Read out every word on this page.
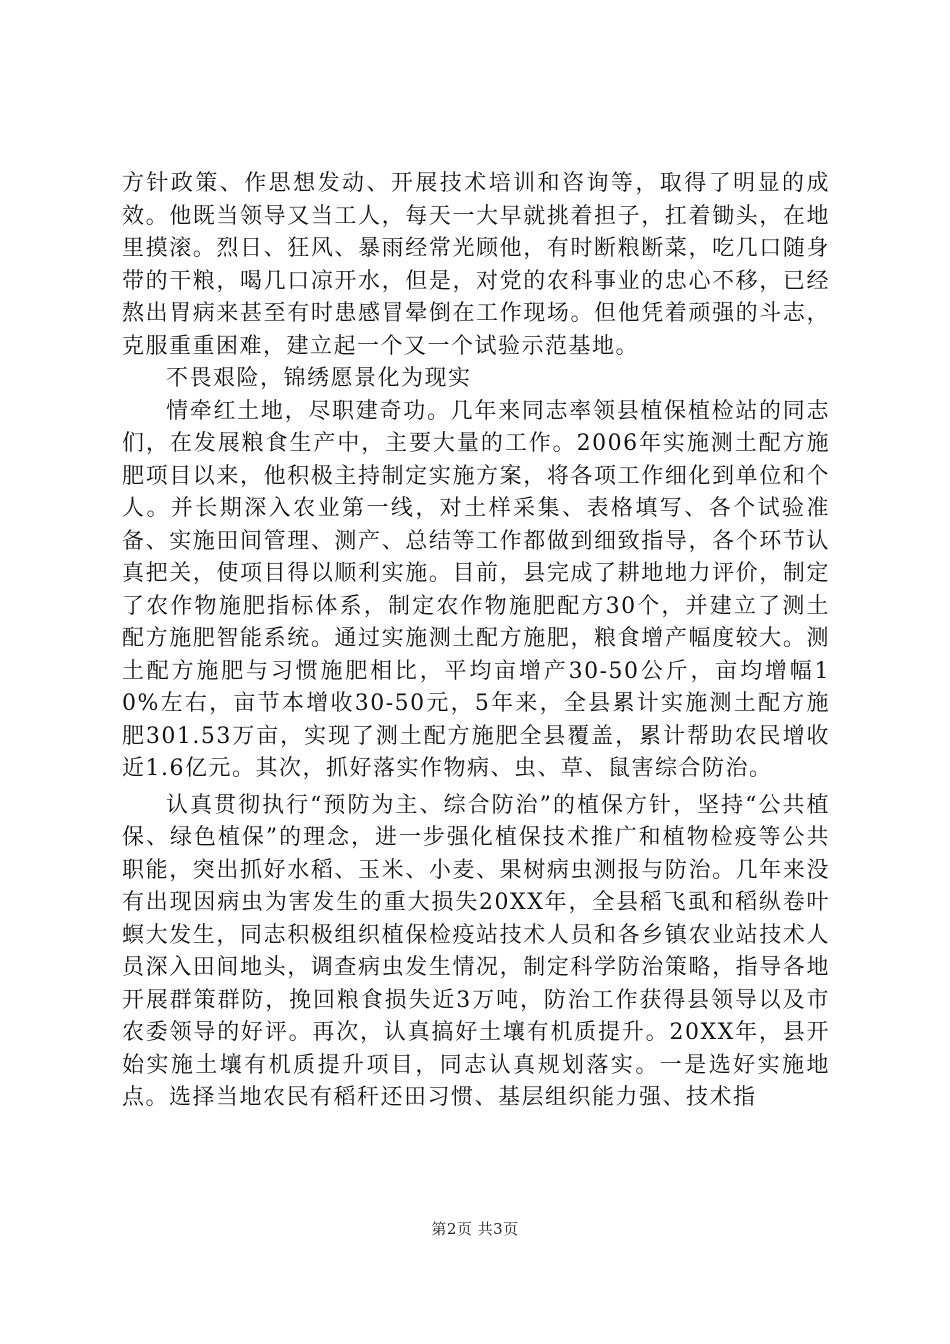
方针政策、作思想发动、开展技术培训和咨询等，取得了明显的成效。他既当领导又当工人，每天一大早就挑着担子，扛着锄头，在地里摸滚。烈日、狂风、暴雨经常光顾他，有时断粮断菜，吃几口随身带的干粮，喝几口凉开水，但是，对党的农科事业的忠心不移，已经熬出胃病来甚至有时患感冒晕倒在工作现场。但他凭着顽强的斗志，克服重重困难，建立起一个又一个试验示范基地。

不畏艰险，锦绣愿景化为现实

情牵红土地，尽职建奇功。几年来同志率领县植保植检站的同志们，在发展粮食生产中，主要大量的工作。2006年实施测土配方施肥项目以来，他积极主持制定实施方案，将各项工作细化到单位和个人。并长期深入农业第一线，对土样采集、表格填写、各个试验准备、实施田间管理、测产、总结等工作都做到细致指导，各个环节认真把关，使项目得以顺利实施。目前，县完成了耕地地力评价，制定了农作物施肥指标体系，制定农作物施肥配方30个，并建立了测土配方施肥智能系统。通过实施测土配方施肥，粮食增产幅度较大。测土配方施肥与习惯施肥相比，平均亩增产30-50公斤，亩均增幅10%左右，亩节本增收30-50元，5年来，全县累计实施测土配方施肥301.53万亩，实现了测土配方施肥全县覆盖，累计帮助农民增收近1.6亿元。其次，抓好落实作物病、虫、草、鼠害综合防治。

认真贯彻执行“预防为主、综合防治”的植保方针，坚持“公共植保、绿色植保”的理念，进一步强化植保技术推广和植物检疫等公共职能，突出抓好水稻、玉米、小麦、果树病虫测报与防治。几年来没有出现因病虫为害发生的重大损失20XX年，全县稻飞虱和稻纵卷叶螟大发生，同志积极组织植保检疫站技术人员和各乡镇农业站技术人员深入田间地头，调查病虫发生情况，制定科学防治策略，指导各地开展群策群防，挽回粮食损失近3万吨，防治工作获得县领导以及市农委领导的好评。再次，认真搞好土壤有机质提升。20XX年，县开始实施土壤有机质提升项目，同志认真规划落实。一是选好实施地点。选择当地农民有稻秆还田习惯、基层组织能力强、技术指

第2页 共3页
